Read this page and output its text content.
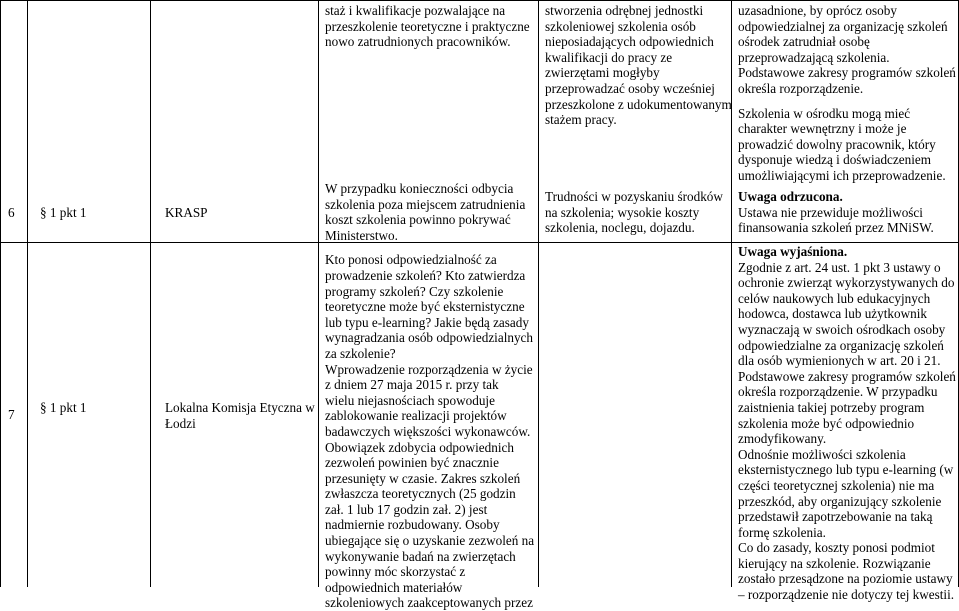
staż i kwalifikacje pozwalające na

przeszkolenie teoretyczne i praktyczne

nowo zatrudnionych pracowników.

stworzenia odrębnej jednostki

szkoleniowej szkolenia osób

nieposiadających odpowiednich

kwalifikacji do pracy ze

zwierzętami mogłyby

przeprowadzać osoby wcześniej

przeszkolone z udokumentowanym

stażem pracy.

uzasadnione, by oprócz osoby

odpowiedzialnej za organizację szkoleń

ośrodek zatrudniał osobę

przeprowadzającą szkolenia.

Podstawowe zakresy programów szkoleń

określa rozporządzenie.

Szkolenia w ośrodku mogą mieć

charakter wewnętrzny i może je

prowadzić dowolny pracownik, który

dysponuje wiedzą i doświadczeniem

umożliwiającymi ich przeprowadzenie.

6 § 1 pkt 1	KRASP

Trudności w pozyskaniu środków

na szkolenia; wysokie koszty

szkolenia, noclegu, dojazdu.

Uwaga odrzucona.

Ustawa nie przewiduje możliwości

finansowania szkoleń przez MNiSW.

7 § 1 pkt 1	Lokalna Komisja Etyczna w

Łodzi

W przypadku konieczności odbycia

szkolenia poza miejscem zatrudnienia

koszt szkolenia powinno pokrywać

Ministerstwo.

Kto ponosi odpowiedzialność za

prowadzenie szkoleń? Kto zatwierdza

programy szkoleń? Czy szkolenie

teoretyczne może być eksternistyczne

lub typu e-learning? Jakie będą zasady

wynagradzania osób odpowiedzialnych

za szkolenie?

Wprowadzenie rozporządzenia w życie

z dniem 27 maja 2015 r. przy tak

wielu niejasnościach spowoduje

zablokowanie realizacji projektów

badawczych większości wykonawców.

Obowiązek zdobycia odpowiednich

zezwoleń powinien być znacznie

przesunięty w czasie. Zakres szkoleń

zwłaszcza teoretycznych (25 godzin

zał. 1 lub 17 godzin zał. 2) jest

nadmiernie rozbudowany. Osoby

ubiegające się o uzyskanie zezwoleń na

wykonywanie badań na zwierzętach

powinny móc skorzystać z

odpowiednich materiałów

szkoleniowych zaakceptowanych przez

Uwaga wyjaśniona.

Zgodnie z art. 24 ust. 1 pkt 3 ustawy o

ochronie zwierząt wykorzystywanych do

celów naukowych lub edukacyjnych

hodowca, dostawca lub użytkownik

wyznaczają w swoich ośrodkach osoby

odpowiedzialne za organizację szkoleń

dla osób wymienionych w art. 20 i 21.

Podstawowe zakresy programów szkoleń

określa rozporządzenie. W przypadku

zaistnienia takiej potrzeby program

szkolenia może być odpowiednio

zmodyfikowany.

Odnośnie możliwości szkolenia

eksternistycznego lub typu e-learning (w

części teoretycznej szkolenia) nie ma

przeszkód, aby organizujący szkolenie

przedstawił zapotrzebowanie na taką

formę szkolenia.

Co do zasady, koszty ponosi podmiot

kierujący na szkolenie. Rozwiązanie

zostało przesądzone na poziomie ustawy

– rozporządzenie nie dotyczy tej kwestii.
